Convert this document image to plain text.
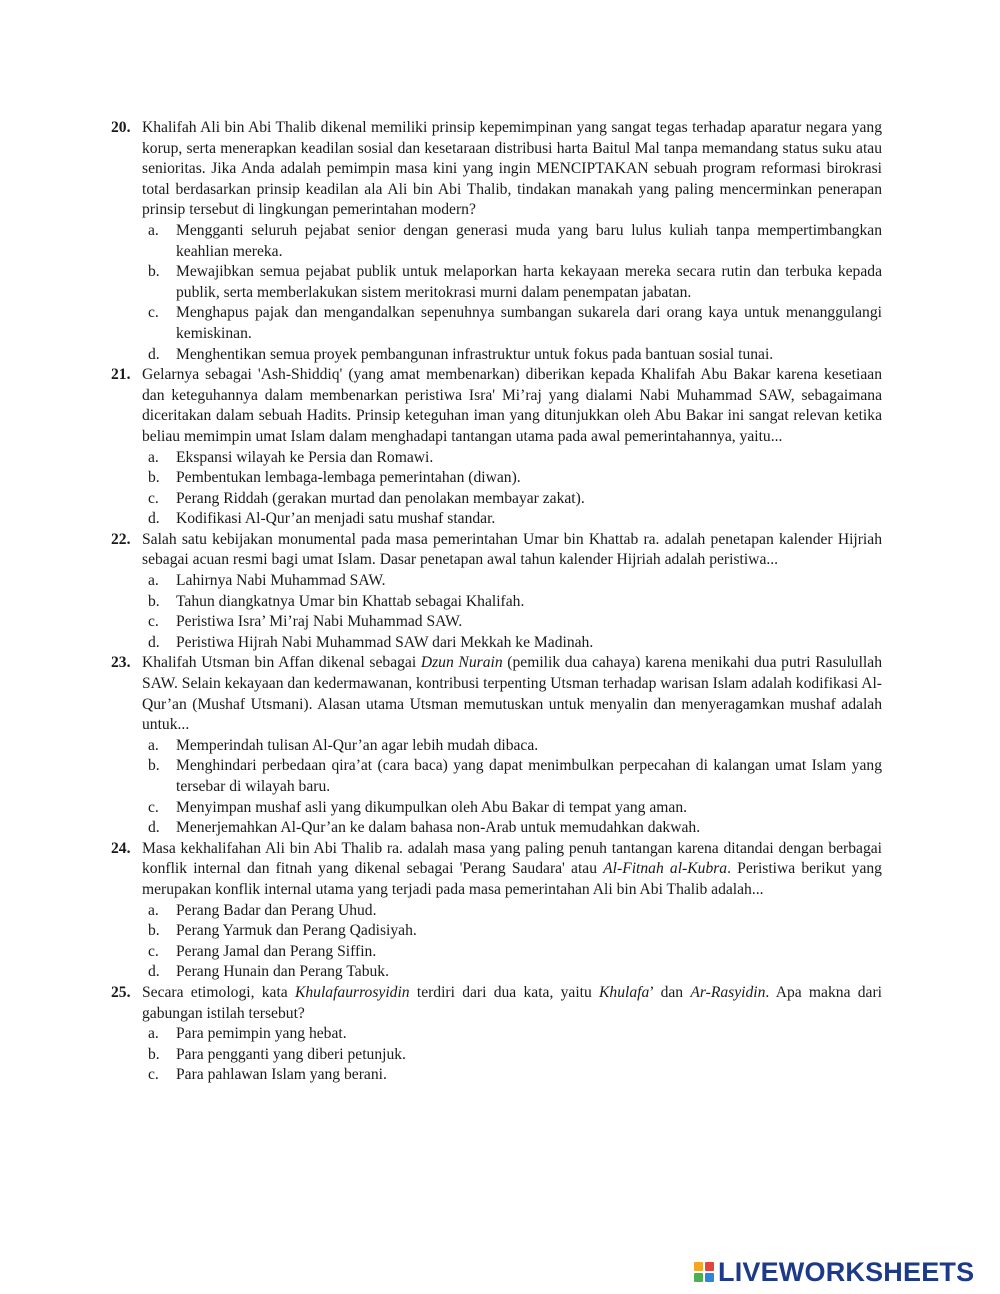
20. Khalifah Ali bin Abi Thalib dikenal memiliki prinsip kepemimpinan yang sangat tegas terhadap aparatur negara yang korup, serta menerapkan keadilan sosial dan kesetaraan distribusi harta Baitul Mal tanpa memandang status suku atau senioritas. Jika Anda adalah pemimpin masa kini yang ingin MENCIPTAKAN sebuah program reformasi birokrasi total berdasarkan prinsip keadilan ala Ali bin Abi Thalib, tindakan manakah yang paling mencerminkan penerapan prinsip tersebut di lingkungan pemerintahan modern?
a.	Mengganti seluruh pejabat senior dengan generasi muda yang baru lulus kuliah tanpa mempertimbangkan keahlian mereka.
b.	Mewajibkan semua pejabat publik untuk melaporkan harta kekayaan mereka secara rutin dan terbuka kepada publik, serta memberlakukan sistem meritokrasi murni dalam penempatan jabatan.
c.	Menghapus pajak dan mengandalkan sepenuhnya sumbangan sukarela dari orang kaya untuk menanggulangi kemiskinan.
d.	Menghentikan semua proyek pembangunan infrastruktur untuk fokus pada bantuan sosial tunai.
21. Gelarnya sebagai 'Ash-Shiddiq' (yang amat membenarkan) diberikan kepada Khalifah Abu Bakar karena kesetiaan dan keteguhannya dalam membenarkan peristiwa Isra' Mi’raj yang dialami Nabi Muhammad SAW, sebagaimana diceritakan dalam sebuah Hadits. Prinsip keteguhan iman yang ditunjukkan oleh Abu Bakar ini sangat relevan ketika beliau memimpin umat Islam dalam menghadapi tantangan utama pada awal pemerintahannya, yaitu...
a.	Ekspansi wilayah ke Persia dan Romawi.
b.	Pembentukan lembaga-lembaga pemerintahan (diwan).
c.	Perang Riddah (gerakan murtad dan penolakan membayar zakat).
d.	Kodifikasi Al-Qur’an menjadi satu mushaf standar.
22. Salah satu kebijakan monumental pada masa pemerintahan Umar bin Khattab ra. adalah penetapan kalender Hijriah sebagai acuan resmi bagi umat Islam. Dasar penetapan awal tahun kalender Hijriah adalah peristiwa...
a.	Lahirnya Nabi Muhammad SAW.
b.	Tahun diangkatnya Umar bin Khattab sebagai Khalifah.
c.	Peristiwa Isra’ Mi’raj Nabi Muhammad SAW.
d.	Peristiwa Hijrah Nabi Muhammad SAW dari Mekkah ke Madinah.
23. Khalifah Utsman bin Affan dikenal sebagai Dzun Nurain (pemilik dua cahaya) karena menikahi dua putri Rasulullah SAW. Selain kekayaan dan kedermawanan, kontribusi terpenting Utsman terhadap warisan Islam adalah kodifikasi Al-Qur’an (Mushaf Utsmani). Alasan utama Utsman memutuskan untuk menyalin dan menyeragamkan mushaf adalah untuk...
a.	Memperindah tulisan Al-Qur’an agar lebih mudah dibaca.
b.	Menghindari perbedaan qira’at (cara baca) yang dapat menimbulkan perpecahan di kalangan umat Islam yang tersebar di wilayah baru.
c.	Menyimpan mushaf asli yang dikumpulkan oleh Abu Bakar di tempat yang aman.
d.	Menerjemahkan Al-Qur’an ke dalam bahasa non-Arab untuk memudahkan dakwah.
24. Masa kekhalifahan Ali bin Abi Thalib ra. adalah masa yang paling penuh tantangan karena ditandai dengan berbagai konflik internal dan fitnah yang dikenal sebagai 'Perang Saudara' atau Al-Fitnah al-Kubra. Peristiwa berikut yang merupakan konflik internal utama yang terjadi pada masa pemerintahan Ali bin Abi Thalib adalah...
a.	Perang Badar dan Perang Uhud.
b.	Perang Yarmuk dan Perang Qadisiyah.
c.	Perang Jamal dan Perang Siffin.
d.	Perang Hunain dan Perang Tabuk.
25. Secara etimologi, kata Khulafaurrosyidin terdiri dari dua kata, yaitu Khulafa’ dan Ar-Rasyidin. Apa makna dari gabungan istilah tersebut?
a.	Para pemimpin yang hebat.
b.	Para pengganti yang diberi petunjuk.
c.	Para pahlawan Islam yang berani.
LIVEWORKSHEETS
